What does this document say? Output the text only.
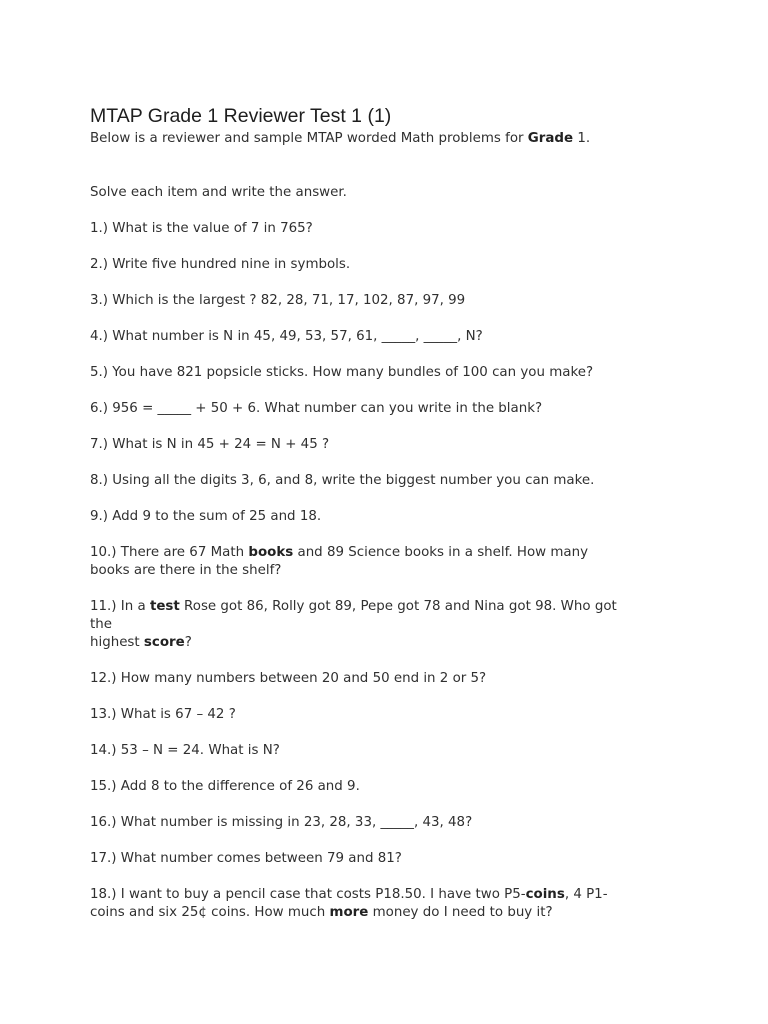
MTAP Grade 1 Reviewer Test 1 (1)

Below is a reviewer and sample MTAP worded Math problems for Grade 1.

Solve each item and write the answer.

1.) What is the value of 7 in 765?

2.) Write five hundred nine in symbols.

3.) Which is the largest ? 82, 28, 71, 17, 102, 87, 97, 99

4.) What number is N in 45, 49, 53, 57, 61, _____, _____, N?

5.) You have 821 popsicle sticks. How many bundles of 100 can you make?

6.) 956 = _____ + 50 + 6. What number can you write in the blank?

7.) What is N in 45 + 24 = N + 45 ?

8.) Using all the digits 3, 6, and 8, write the biggest number you can make.

9.) Add 9 to the sum of 25 and 18.

10.) There are 67 Math books and 89 Science books in a shelf. How many
books are there in the shelf?
11.) In a test Rose got 86, Rolly got 89, Pepe got 78 and Nina got 98. Who got
the
highest score?

12.) How many numbers between 20 and 50 end in 2 or 5?

13.) What is 67 – 42 ?

14.) 53 – N = 24. What is N?

15.) Add 8 to the difference of 26 and 9.

16.) What number is missing in 23, 28, 33, _____, 43, 48?

17.) What number comes between 79 and 81?

18.) I want to buy a pencil case that costs P18.50. I have two P5-coins, 4 P1-
coins and six 25¢ coins. How much more money do I need to buy it?
